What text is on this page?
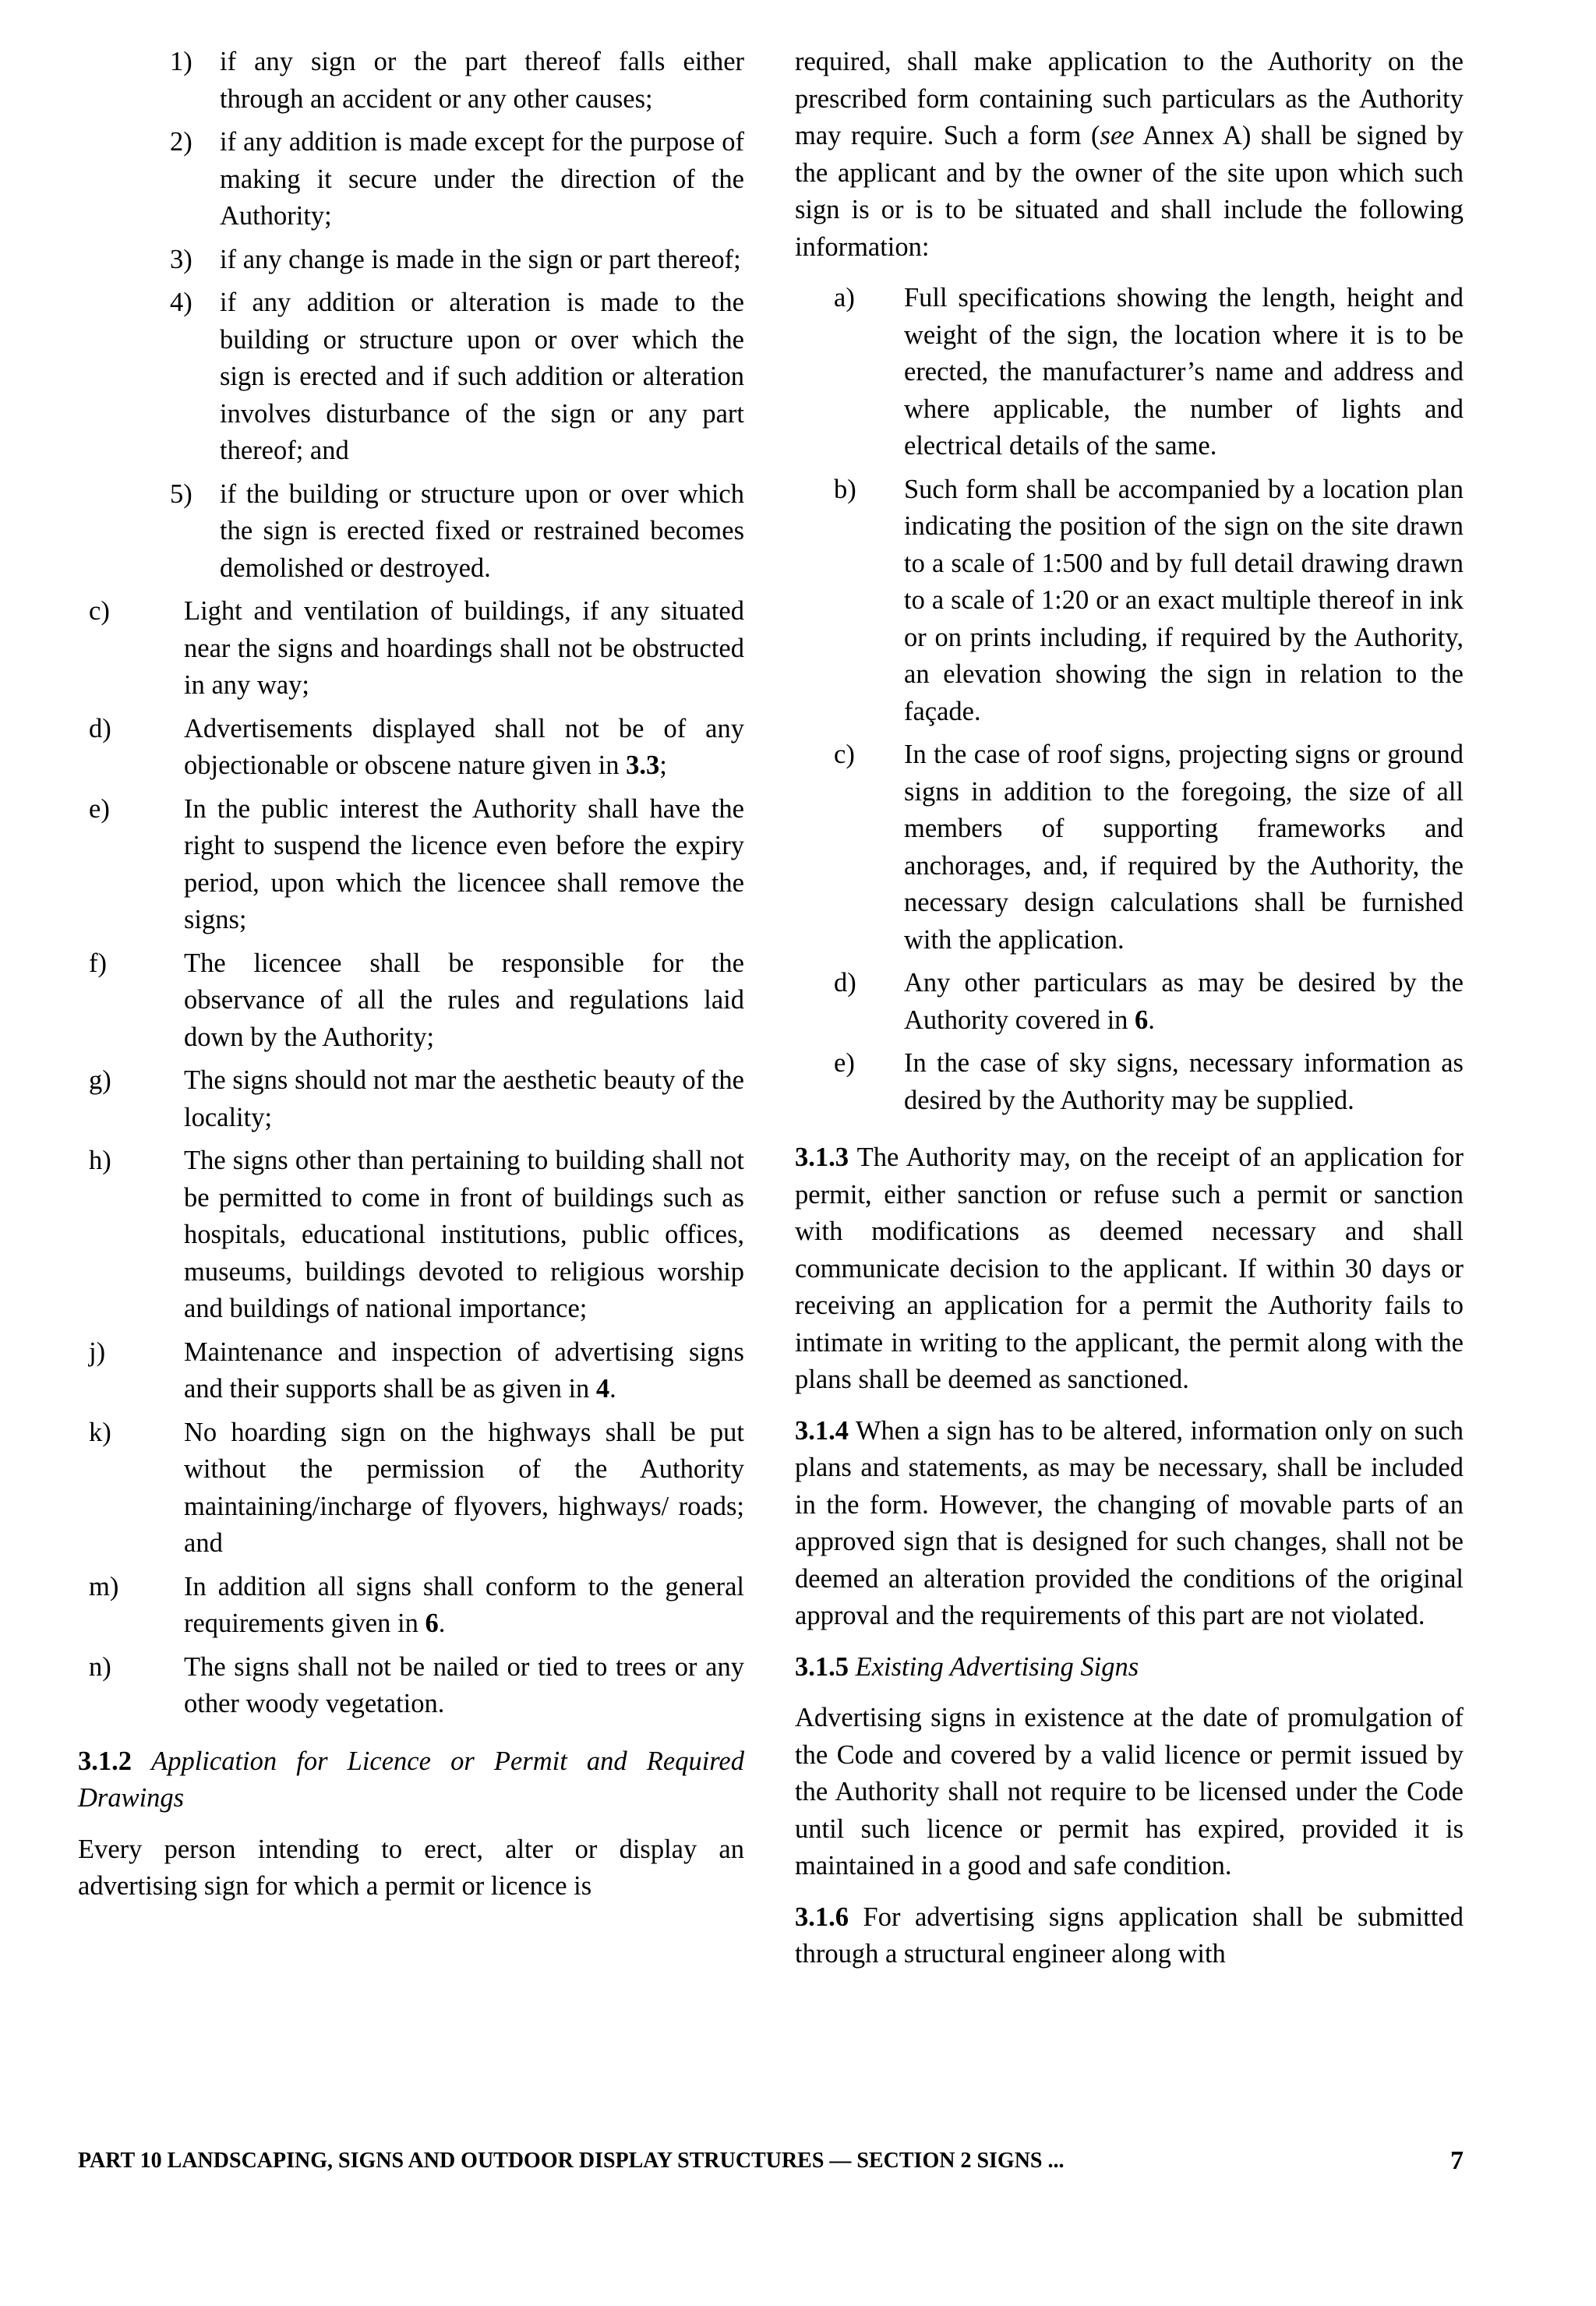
1)	if any sign or the part thereof falls either through an accident or any other causes;
2)	if any addition is made except for the purpose of making it secure under the direction of the Authority;
3)	if any change is made in the sign or part thereof;
4)	if any addition or alteration is made to the building or structure upon or over which the sign is erected and if such addition or alteration involves disturbance of the sign or any part thereof; and
5)	if the building or structure upon or over which the sign is erected fixed or restrained becomes demolished or destroyed.
c)	Light and ventilation of buildings, if any situated near the signs and hoardings shall not be obstructed in any way;
d)	Advertisements displayed shall not be of any objectionable or obscene nature given in 3.3;
e)	In the public interest the Authority shall have the right to suspend the licence even before the expiry period, upon which the licencee shall remove the signs;
f)	The licencee shall be responsible for the observance of all the rules and regulations laid down by the Authority;
g)	The signs should not mar the aesthetic beauty of the locality;
h)	The signs other than pertaining to building shall not be permitted to come in front of buildings such as hospitals, educational institutions, public offices, museums, buildings devoted to religious worship and buildings of national importance;
j)	Maintenance and inspection of advertising signs and their supports shall be as given in 4.
k)	No hoarding sign on the highways shall be put without the permission of the Authority maintaining/incharge of flyovers, highways/ roads; and
m)	In addition all signs shall conform to the general requirements given in 6.
n)	The signs shall not be nailed or tied to trees or any other woody vegetation.

3.1.2 Application for Licence or Permit and Required Drawings

Every person intending to erect, alter or display an advertising sign for which a permit or licence is

required, shall make application to the Authority on the prescribed form containing such particulars as the Authority may require. Such a form (see Annex A) shall be signed by the applicant and by the owner of the site upon which such sign is or is to be situated and shall include the following information:

a)	Full specifications showing the length, height and weight of the sign, the location where it is to be erected, the manufacturer’s name and address and where applicable, the number of lights and electrical details of the same.
b)	Such form shall be accompanied by a location plan indicating the position of the sign on the site drawn to a scale of 1:500 and by full detail drawing drawn to a scale of 1:20 or an exact multiple thereof in ink or on prints including, if required by the Authority, an elevation showing the sign in relation to the façade.
c)	In the case of roof signs, projecting signs or ground signs in addition to the foregoing, the size of all members of supporting frameworks and anchorages, and, if required by the Authority, the necessary design calculations shall be furnished with the application.
d)	Any other particulars as may be desired by the Authority covered in 6.
e)	In the case of sky signs, necessary information as desired by the Authority may be supplied.

3.1.3 The Authority may, on the receipt of an application for permit, either sanction or refuse such a permit or sanction with modifications as deemed necessary and shall communicate decision to the applicant. If within 30 days or receiving an application for a permit the Authority fails to intimate in writing to the applicant, the permit along with the plans shall be deemed as sanctioned.

3.1.4 When a sign has to be altered, information only on such plans and statements, as may be necessary, shall be included in the form. However, the changing of movable parts of an approved sign that is designed for such changes, shall not be deemed an alteration provided the conditions of the original approval and the requirements of this part are not violated.

3.1.5 Existing Advertising Signs

Advertising signs in existence at the date of promulgation of the Code and covered by a valid licence or permit issued by the Authority shall not require to be licensed under the Code until such licence or permit has expired, provided it is maintained in a good and safe condition.

3.1.6 For advertising signs application shall be submitted through a structural engineer along with

PART 10 LANDSCAPING, SIGNS AND OUTDOOR DISPLAY STRUCTURES — SECTION 2 SIGNS ...	7
